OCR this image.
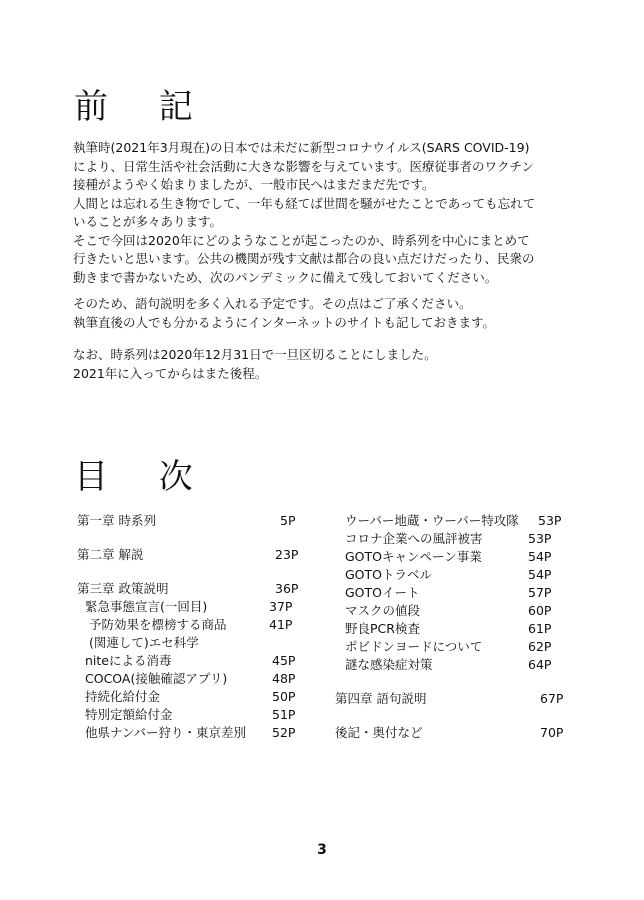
前 記
執筆時(2021年3月現在)の日本では未だに新型コロナウイルス(SARS COVID-19)
により、日常生活や社会活動に大きな影響を与えています。医療従事者のワクチン
接種がようやく始まりましたが、一般市民へはまだまだ先です。
人間とは忘れる生き物でして、一年も経てば世間を騒がせたことであっても忘れて
いることが多々あります。
そこで今回は2020年にどのようなことが起こったのか、時系列を中心にまとめて
行きたいと思います。公共の機関が残す文献は都合の良い点だけだったり、民衆の
動きまで書かないため、次のパンデミックに備えて残しておいてください。
そのため、語句説明を多く入れる予定です。その点はご了承ください。
執筆直後の人でも分かるようにインターネットのサイトも記しておきます。
なお、時系列は2020年12月31日で一旦区切ることにしました。
2021年に入ってからはまた後程。
目 次
第一章 時系列	5P
第二章 解説	23P
第三章 政策説明	36P
緊急事態宣言(一回目)	37P
予防効果を標榜する商品	41P
(関連して)エセ科学
niteによる消毒	45P
COCOA(接触確認アプリ)	48P
持続化給付金	50P
特別定額給付金	51P
他県ナンバー狩り・東京差別 52P
ウーパー地蔵・ウーパー特攻隊 53P
コロナ企業への風評被害	53P
GOTOキャンペーン事業	54P
GOTOトラベル	54P
GOTOイート	57P
マスクの値段	60P
野良PCR検査	61P
ポビドンヨードについて	62P
謎な感染症対策	64P
第四章 語句説明	67P
後記・奥付など	70P
3
